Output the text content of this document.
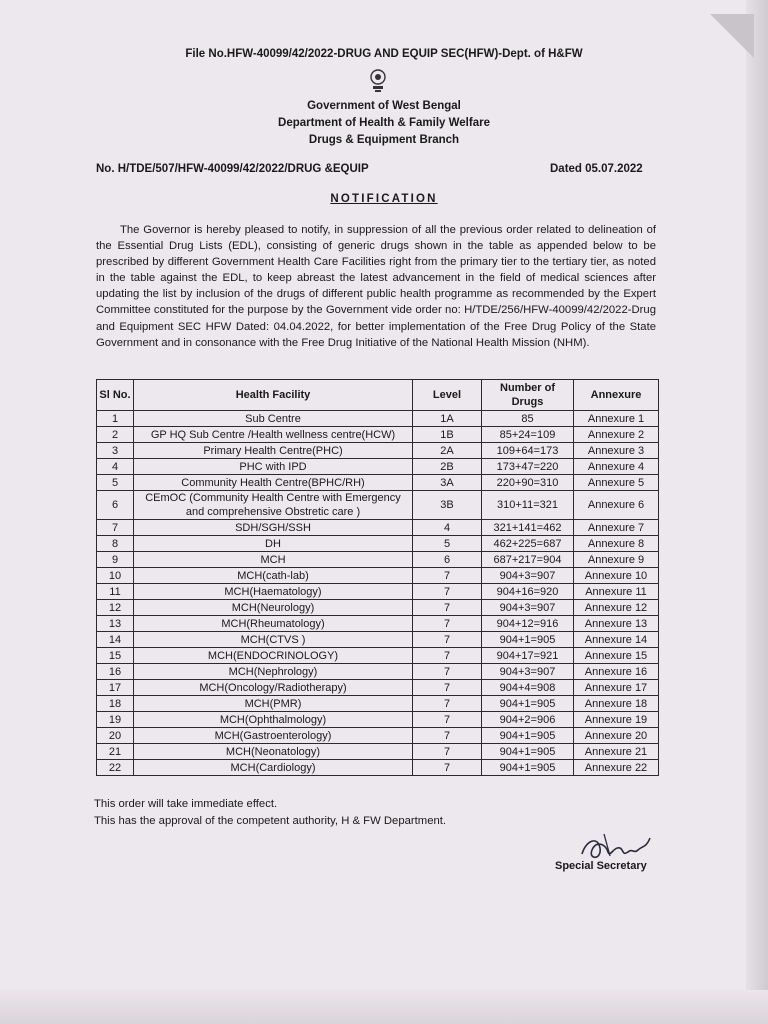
File No.HFW-40099/42/2022-DRUG AND EQUIP SEC(HFW)-Dept. of H&FW
Government of West Bengal
Department of Health & Family Welfare
Drugs & Equipment Branch
No. H/TDE/507/HFW-40099/42/2022/DRUG &EQUIP	Dated 05.07.2022
NOTIFICATION
The Governor is hereby pleased to notify, in suppression of all the previous order related to delineation of the Essential Drug Lists (EDL), consisting of generic drugs shown in the table as appended below to be prescribed by different Government Health Care Facilities right from the primary tier to the tertiary tier, as noted in the table against the EDL, to keep abreast the latest advancement in the field of medical sciences after updating the list by inclusion of the drugs of different public health programme as recommended by the Expert Committee constituted for the purpose by the Government vide order no: H/TDE/256/HFW-40099/42/2022-Drug and Equipment SEC HFW Dated: 04.04.2022, for better implementation of the Free Drug Policy of the State Government and in consonance with the Free Drug Initiative of the National Health Mission (NHM).
Sl No.	Health Facility	Level	Number of Drugs	Annexure
1	Sub Centre	1A	85	Annexure 1
2	GP HQ Sub Centre /Health wellness centre(HCW)	1B	85+24=109	Annexure 2
3	Primary Health Centre(PHC)	2A	109+64=173	Annexure 3
4	PHC with IPD	2B	173+47=220	Annexure 4
5	Community Health Centre(BPHC/RH)	3A	220+90=310	Annexure 5
6	CEmOC (Community Health Centre with Emergency and comprehensive Obstretic care )	3B	310+11=321	Annexure 6
7	SDH/SGH/SSH	4	321+141=462	Annexure 7
8	DH	5	462+225=687	Annexure 8
9	MCH	6	687+217=904	Annexure 9
10	MCH(cath-lab)	7	904+3=907	Annexure 10
11	MCH(Haematology)	7	904+16=920	Annexure 11
12	MCH(Neurology)	7	904+3=907	Annexure 12
13	MCH(Rheumatology)	7	904+12=916	Annexure 13
14	MCH(CTVS )	7	904+1=905	Annexure 14
15	MCH(ENDOCRINOLOGY)	7	904+17=921	Annexure 15
16	MCH(Nephrology)	7	904+3=907	Annexure 16
17	MCH(Oncology/Radiotherapy)	7	904+4=908	Annexure 17
18	MCH(PMR)	7	904+1=905	Annexure 18
19	MCH(Ophthalmology)	7	904+2=906	Annexure 19
20	MCH(Gastroenterology)	7	904+1=905	Annexure 20
21	MCH(Neonatology)	7	904+1=905	Annexure 21
22	MCH(Cardiology)	7	904+1=905	Annexure 22
This order will take immediate effect.
This has the approval of the competent authority, H & FW Department.
Special Secretary
